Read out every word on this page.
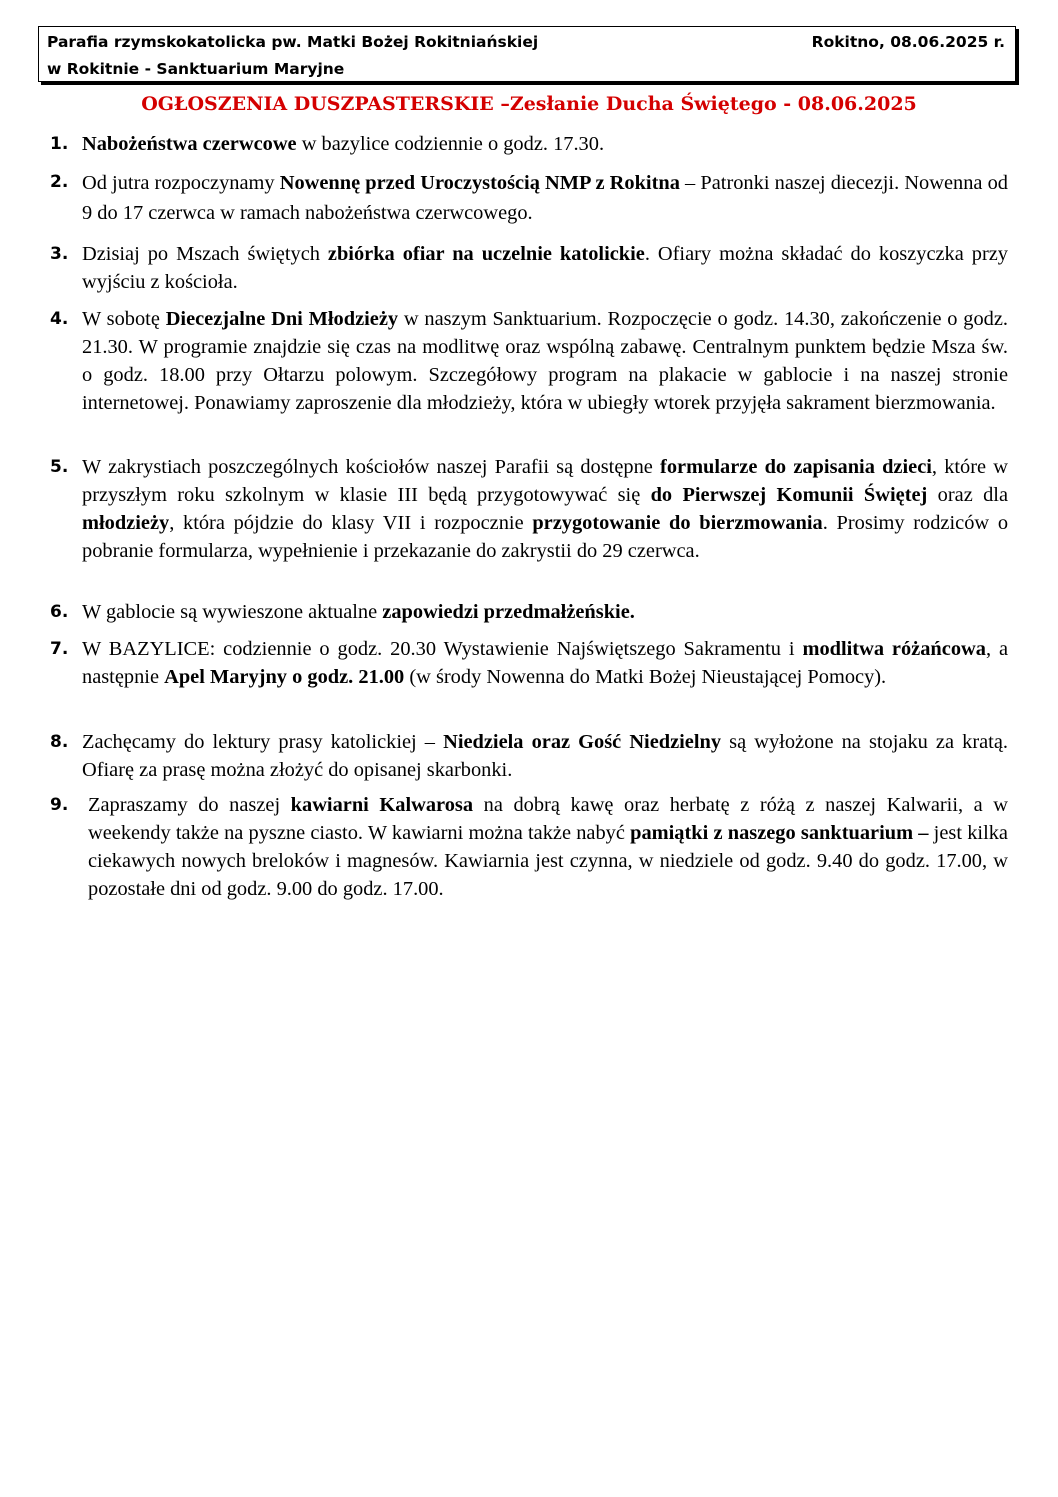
Parafia rzymskokatolicka pw. Matki Bożej Rokitniańskiej
w Rokitnie - Sanktuarium Maryjne
Rokitno, 08.06.2025 r.
OGŁOSZENIA DUSZPASTERSKIE –Zesłanie Ducha Świętego - 08.06.2025
1. Nabożeństwa czerwcowe w bazylice codziennie o godz. 17.30.
2. Od jutra rozpoczynamy Nowennę przed Uroczystością NMP z Rokitna – Patronki naszej diecezji. Nowenna od 9 do 17 czerwca w ramach nabożeństwa czerwcowego.
3. Dzisiaj po Mszach świętych zbiórka ofiar na uczelnie katolickie. Ofiary można składać do koszyczka przy wyjściu z kościoła.
4. W sobotę Diecezjalne Dni Młodzieży w naszym Sanktuarium. Rozpoczęcie o godz. 14.30, zakończenie o godz. 21.30. W programie znajdzie się czas na modlitwę oraz wspólną zabawę. Centralnym punktem będzie Msza św. o godz. 18.00 przy Ołtarzu polowym. Szczegółowy program na plakacie w gablocie i na naszej stronie internetowej. Ponawiamy zaproszenie dla młodzieży, która w ubiegły wtorek przyjęła sakrament bierzmowania.
5. W zakrystiach poszczególnych kościołów naszej Parafii są dostępne formularze do zapisania dzieci, które w przyszłym roku szkolnym w klasie III będą przygotowywać się do Pierwszej Komunii Świętej oraz dla młodzieży, która pójdzie do klasy VII i rozpocznie przygotowanie do bierzmowania. Prosimy rodziców o pobranie formularza, wypełnienie i przekazanie do zakrystii do 29 czerwca.
6. W gablocie są wywieszone aktualne zapowiedzi przedmałżeńskie.
7. W BAZYLICE: codziennie o godz. 20.30 Wystawienie Najświętszego Sakramentu i modlitwa różańcowa, a następnie Apel Maryjny o godz. 21.00 (w środy Nowenna do Matki Bożej Nieustającej Pomocy).
8. Zachęcamy do lektury prasy katolickiej – Niedziela oraz Gość Niedzielny są wyłożone na stojaku za kratą. Ofiarę za prasę można złożyć do opisanej skarbonki.
9. Zapraszamy do naszej kawiarni Kalwarosa na dobrą kawę oraz herbatę z różą z naszej Kalwarii, a w weekendy także na pyszne ciasto. W kawiarni można także nabyć pamiątki z naszego sanktuarium – jest kilka ciekawych nowych breloków i magnesów. Kawiarnia jest czynna, w niedziele od godz. 9.40 do godz. 17.00, w pozostałe dni od godz. 9.00 do godz. 17.00.
